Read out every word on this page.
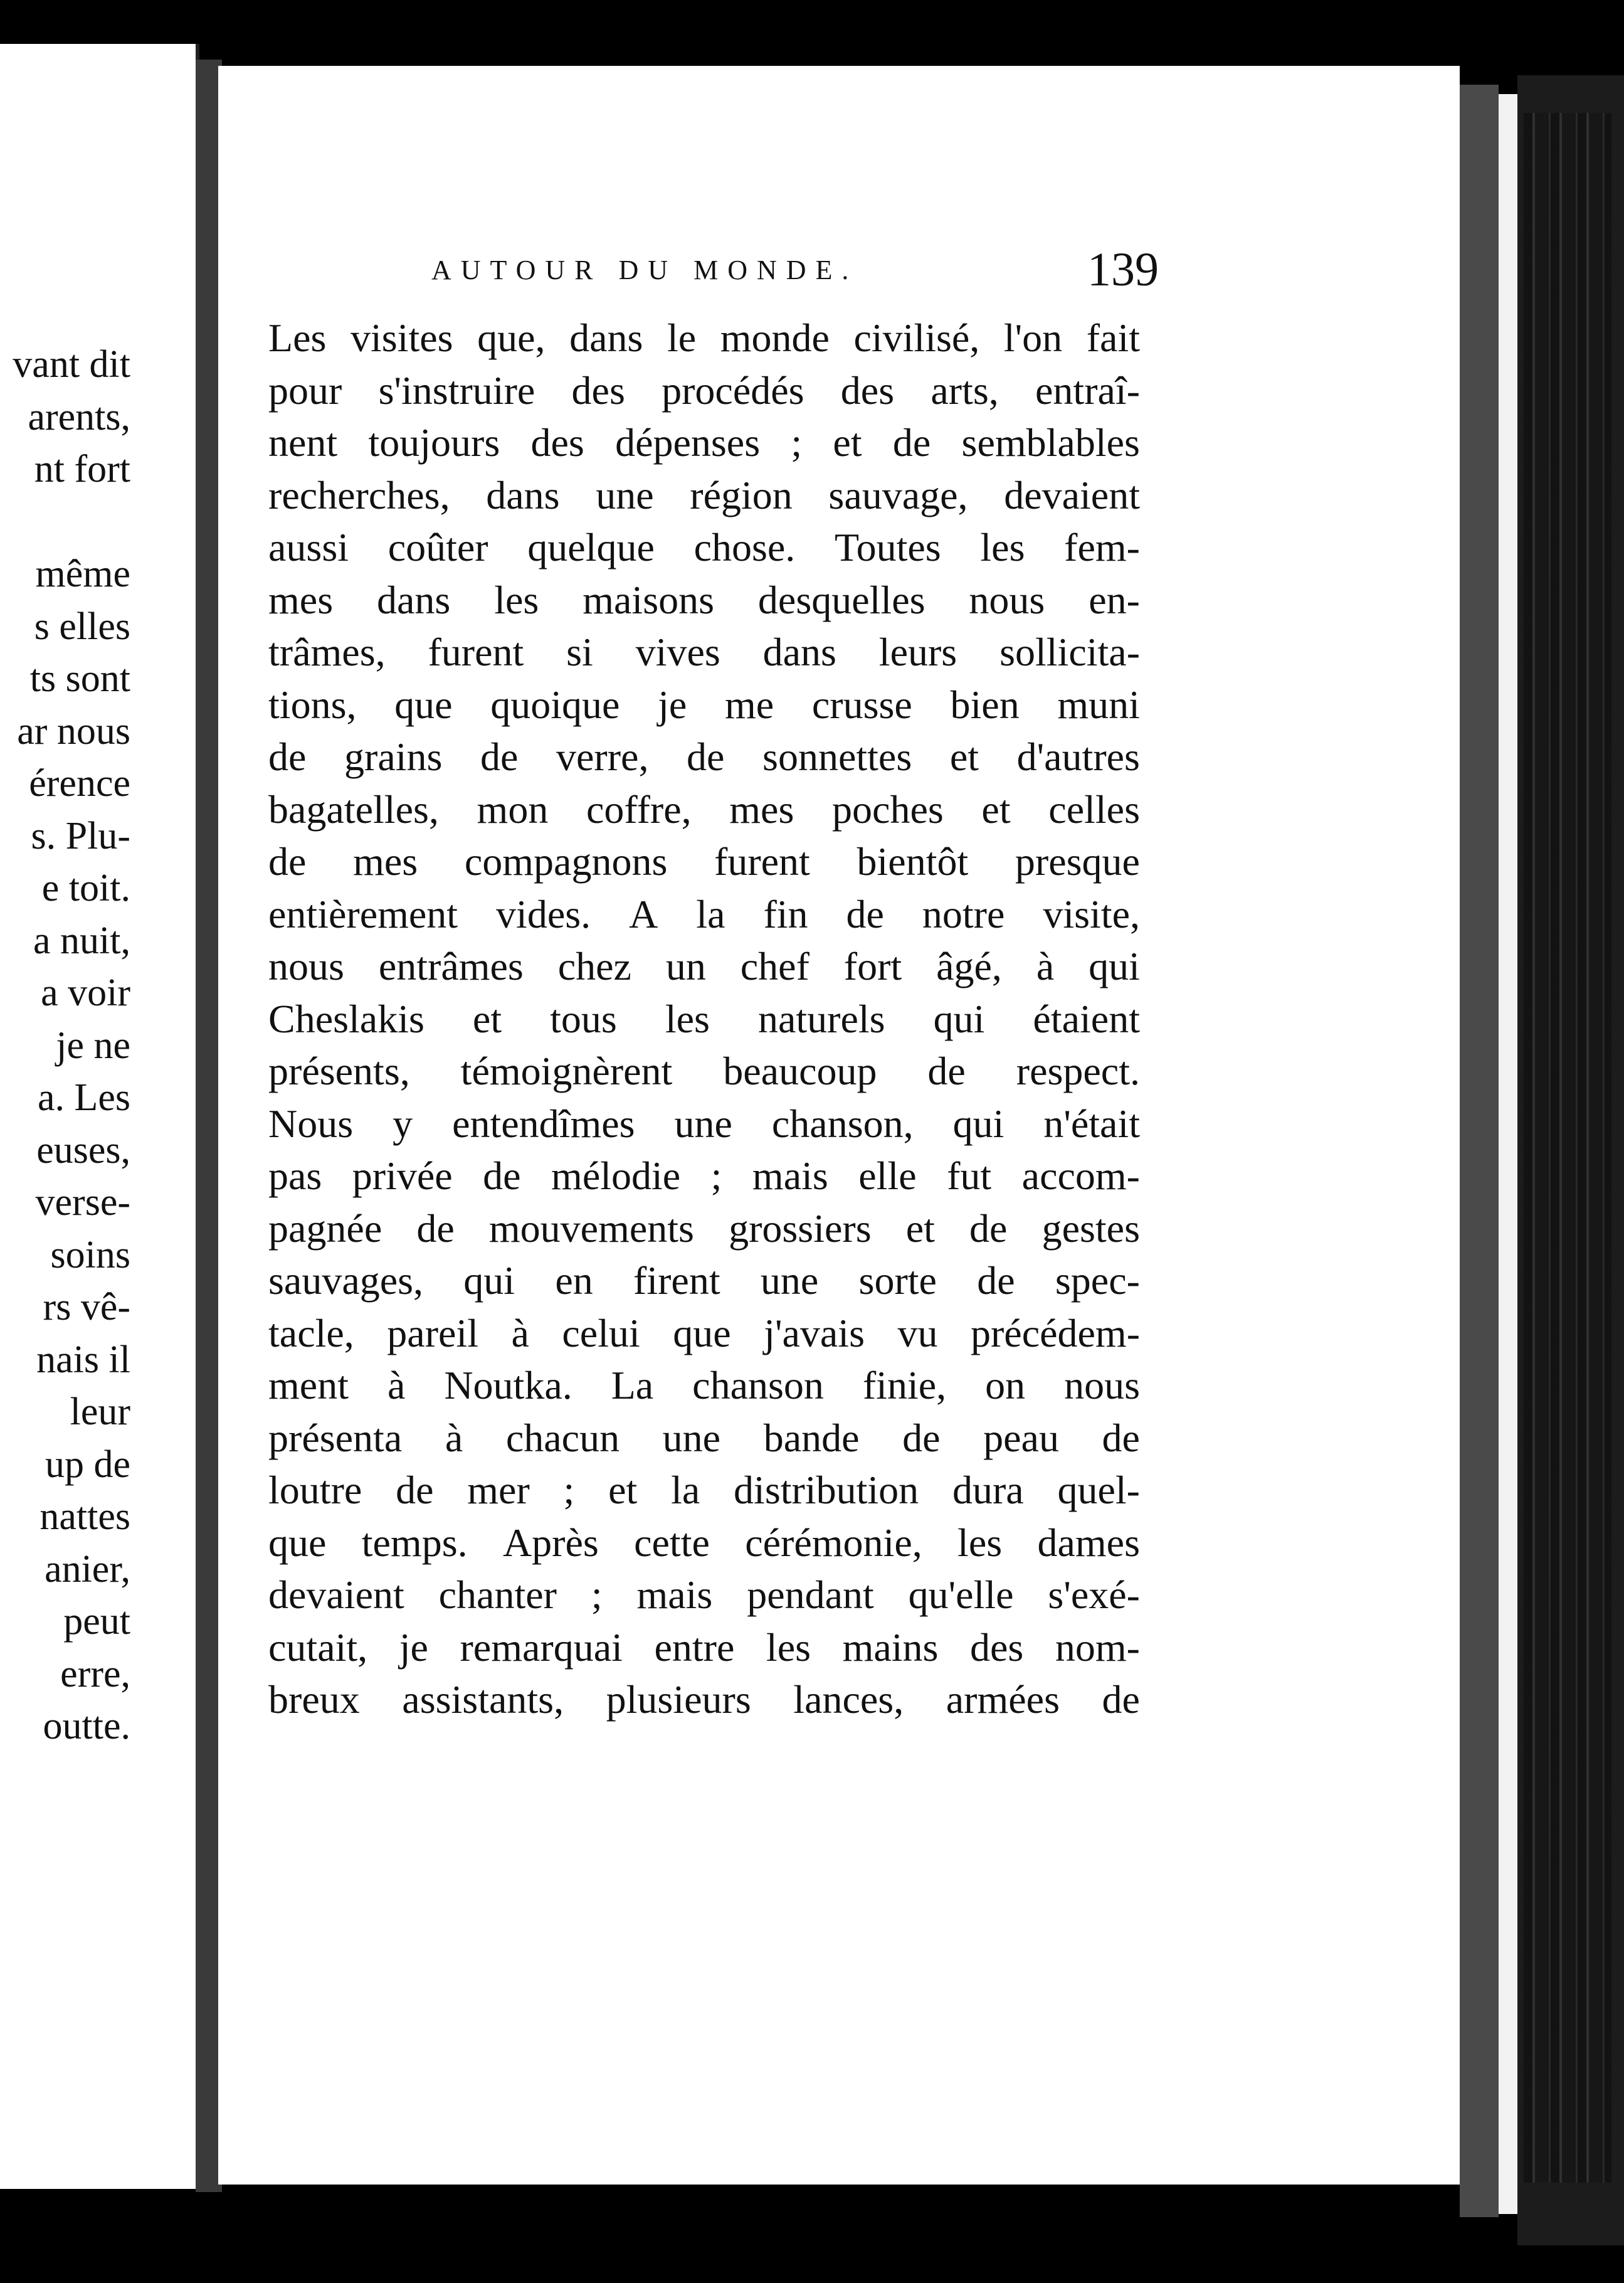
vant dit
arents,
nt fort
même
s elles
ts sont
ar nous
érence
s. Plu-
e toit.
a nuit,
a voir
je ne
a. Les
euses,
verse-
soins
rs vê-
nais il
leur
up de
nattes
anier,
peut
erre,
outte.
AUTOUR DU MONDE.	139
Les visites que, dans le monde civilisé, l'on fait
pour s'instruire des procédés des arts, entraî-
nent toujours des dépenses ; et de semblables
recherches, dans une région sauvage, devaient
aussi coûter quelque chose. Toutes les fem-
mes dans les maisons desquelles nous en-
trâmes, furent si vives dans leurs sollicita-
tions, que quoique je me crusse bien muni
de grains de verre, de sonnettes et d'autres
bagatelles, mon coffre, mes poches et celles
de mes compagnons furent bientôt presque
entièrement vides. A la fin de notre visite,
nous entrâmes chez un chef fort âgé, à qui
Cheslakis et tous les naturels qui étaient
présents, témoignèrent beaucoup de respect.
Nous y entendîmes une chanson, qui n'était
pas privée de mélodie ; mais elle fut accom-
pagnée de mouvements grossiers et de gestes
sauvages, qui en firent une sorte de spec-
tacle, pareil à celui que j'avais vu précédem-
ment à Noutka. La chanson finie, on nous
présenta à chacun une bande de peau de
loutre de mer ; et la distribution dura quel-
que temps. Après cette cérémonie, les dames
devaient chanter ; mais pendant qu'elle s'exé-
cutait, je remarquai entre les mains des nom-
breux assistants, plusieurs lances, armées de
